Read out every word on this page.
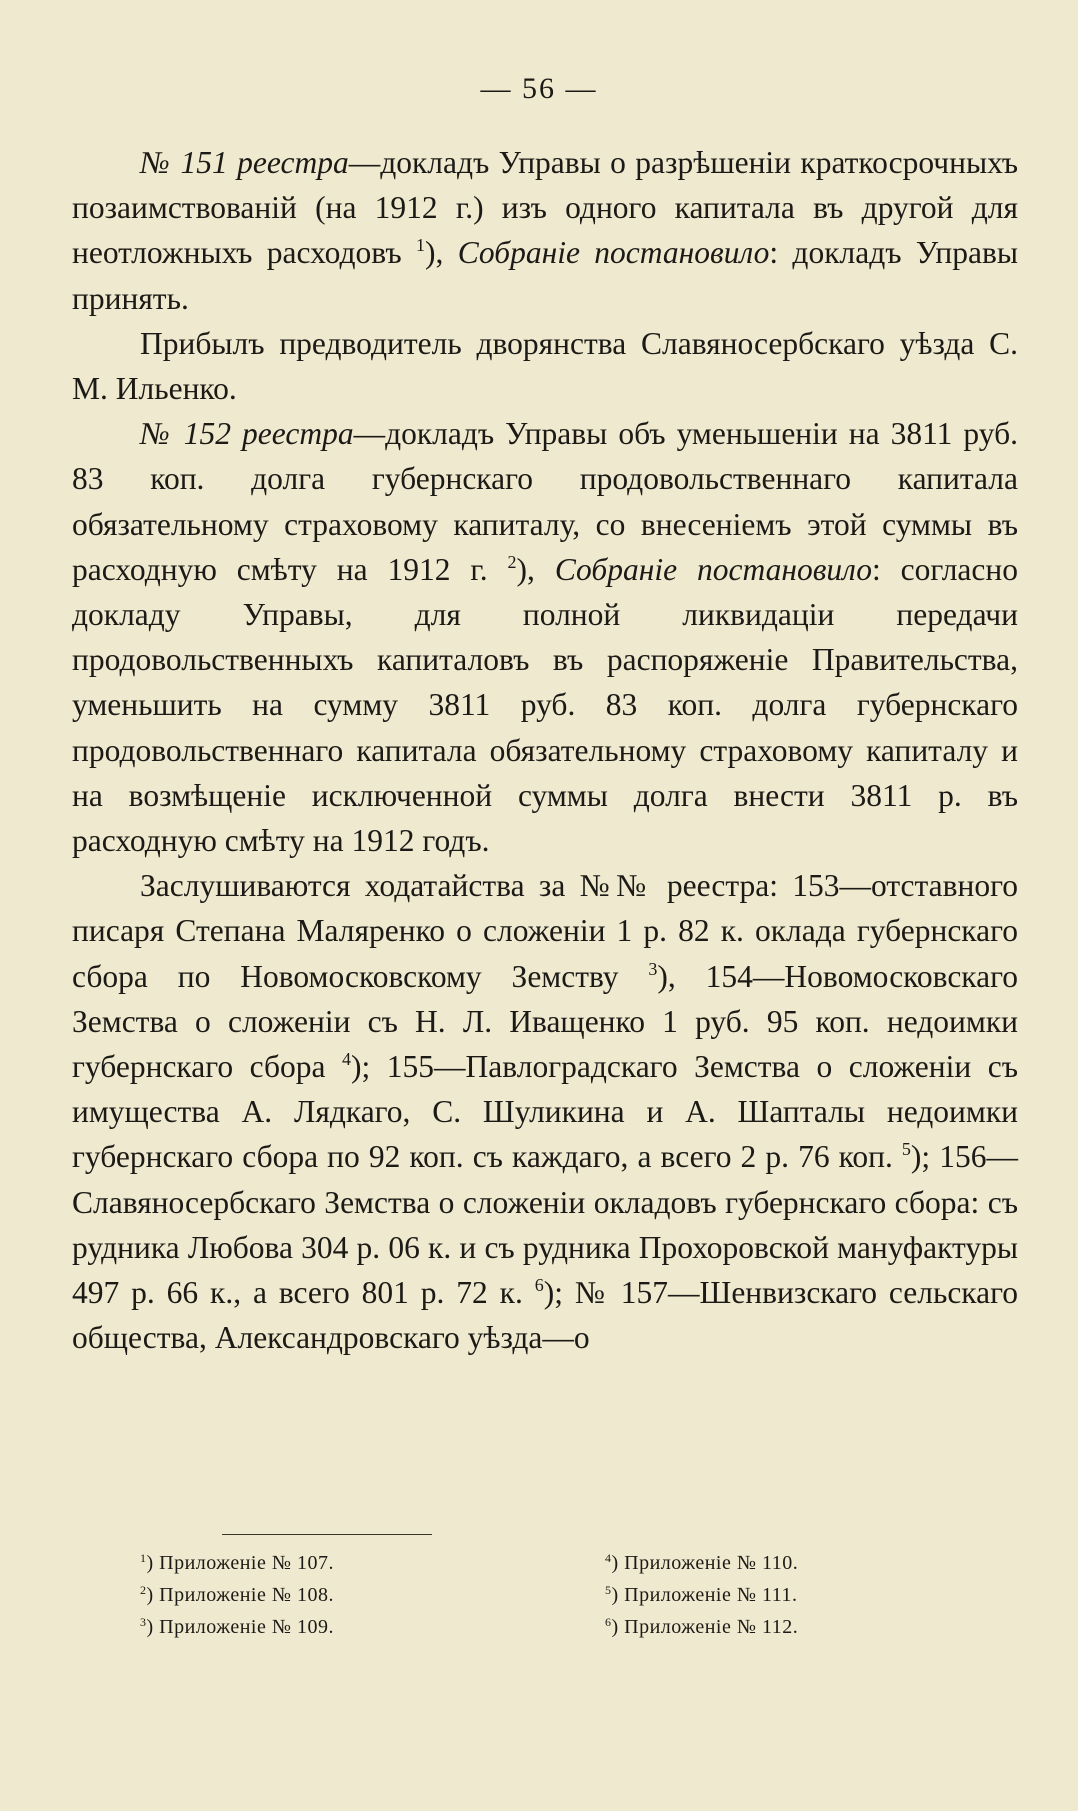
— 56 —

№ 151 реестра—докладъ Управы о разрѣшеніи краткосрочныхъ позаимствованій (на 1912 г.) изъ одного капитала въ другой для неотложныхъ расходовъ $^1$), Собраніе постановило: докладъ Управы принять.

Прибылъ предводитель дворянства Славяносербскаго уѣзда С. М. Ильенко.

№ 152 реестра—докладъ Управы объ уменьшеніи на 3811 руб. 83 коп. долга губернскаго продовольственнаго капитала обязательному страховому капиталу, со внесеніемъ этой суммы въ расходную смѣту на 1912 г. $^2$), Собраніе постановило: согласно докладу Управы, для полной ликвидаціи передачи продовольственныхъ капиталовъ въ распоряженіе Правительства, уменьшить на сумму 3811 руб. 83 коп. долга губернскаго продовольственнаго капитала обязательному страховому капиталу и на возмѣщеніе исключенной суммы долга внести 3811 р. въ расходную смѣту на 1912 годъ.

Заслушиваются ходатайства за №№ реестра: 153—отставного писаря Степана Маляренко о сложеніи 1 р. 82 к. оклада губернскаго сбора по Новомосковскому Земству $^3$), 154—Новомосковскаго Земства о сложеніи съ Н. Л. Иващенко 1 руб. 95 коп. недоимки губернскаго сбора $^4$); 155—Павлоградскаго Земства о сложеніи съ имущества А. Лядкаго, С. Шуликина и А. Шапталы недоимки губернскаго сбора по 92 коп. съ каждаго, а всего 2 р. 76 коп. $^5$); 156—Славяносербскаго Земства о сложеніи окладовъ губернскаго сбора: съ рудника Любова 304 р. 06 к. и съ рудника Прохоровской мануфактуры 497 р. 66 к., а всего 801 р. 72 к. $^6$); № 157—Шенвизскаго сельскаго общества, Александровскаго уѣзда—о

$^1$) Приложеніе № 107.
$^2$) Приложеніе № 108.
$^3$) Приложеніе № 109.
$^4$) Приложеніе № 110.
$^5$) Приложеніе № 111.
$^6$) Приложеніе № 112.
